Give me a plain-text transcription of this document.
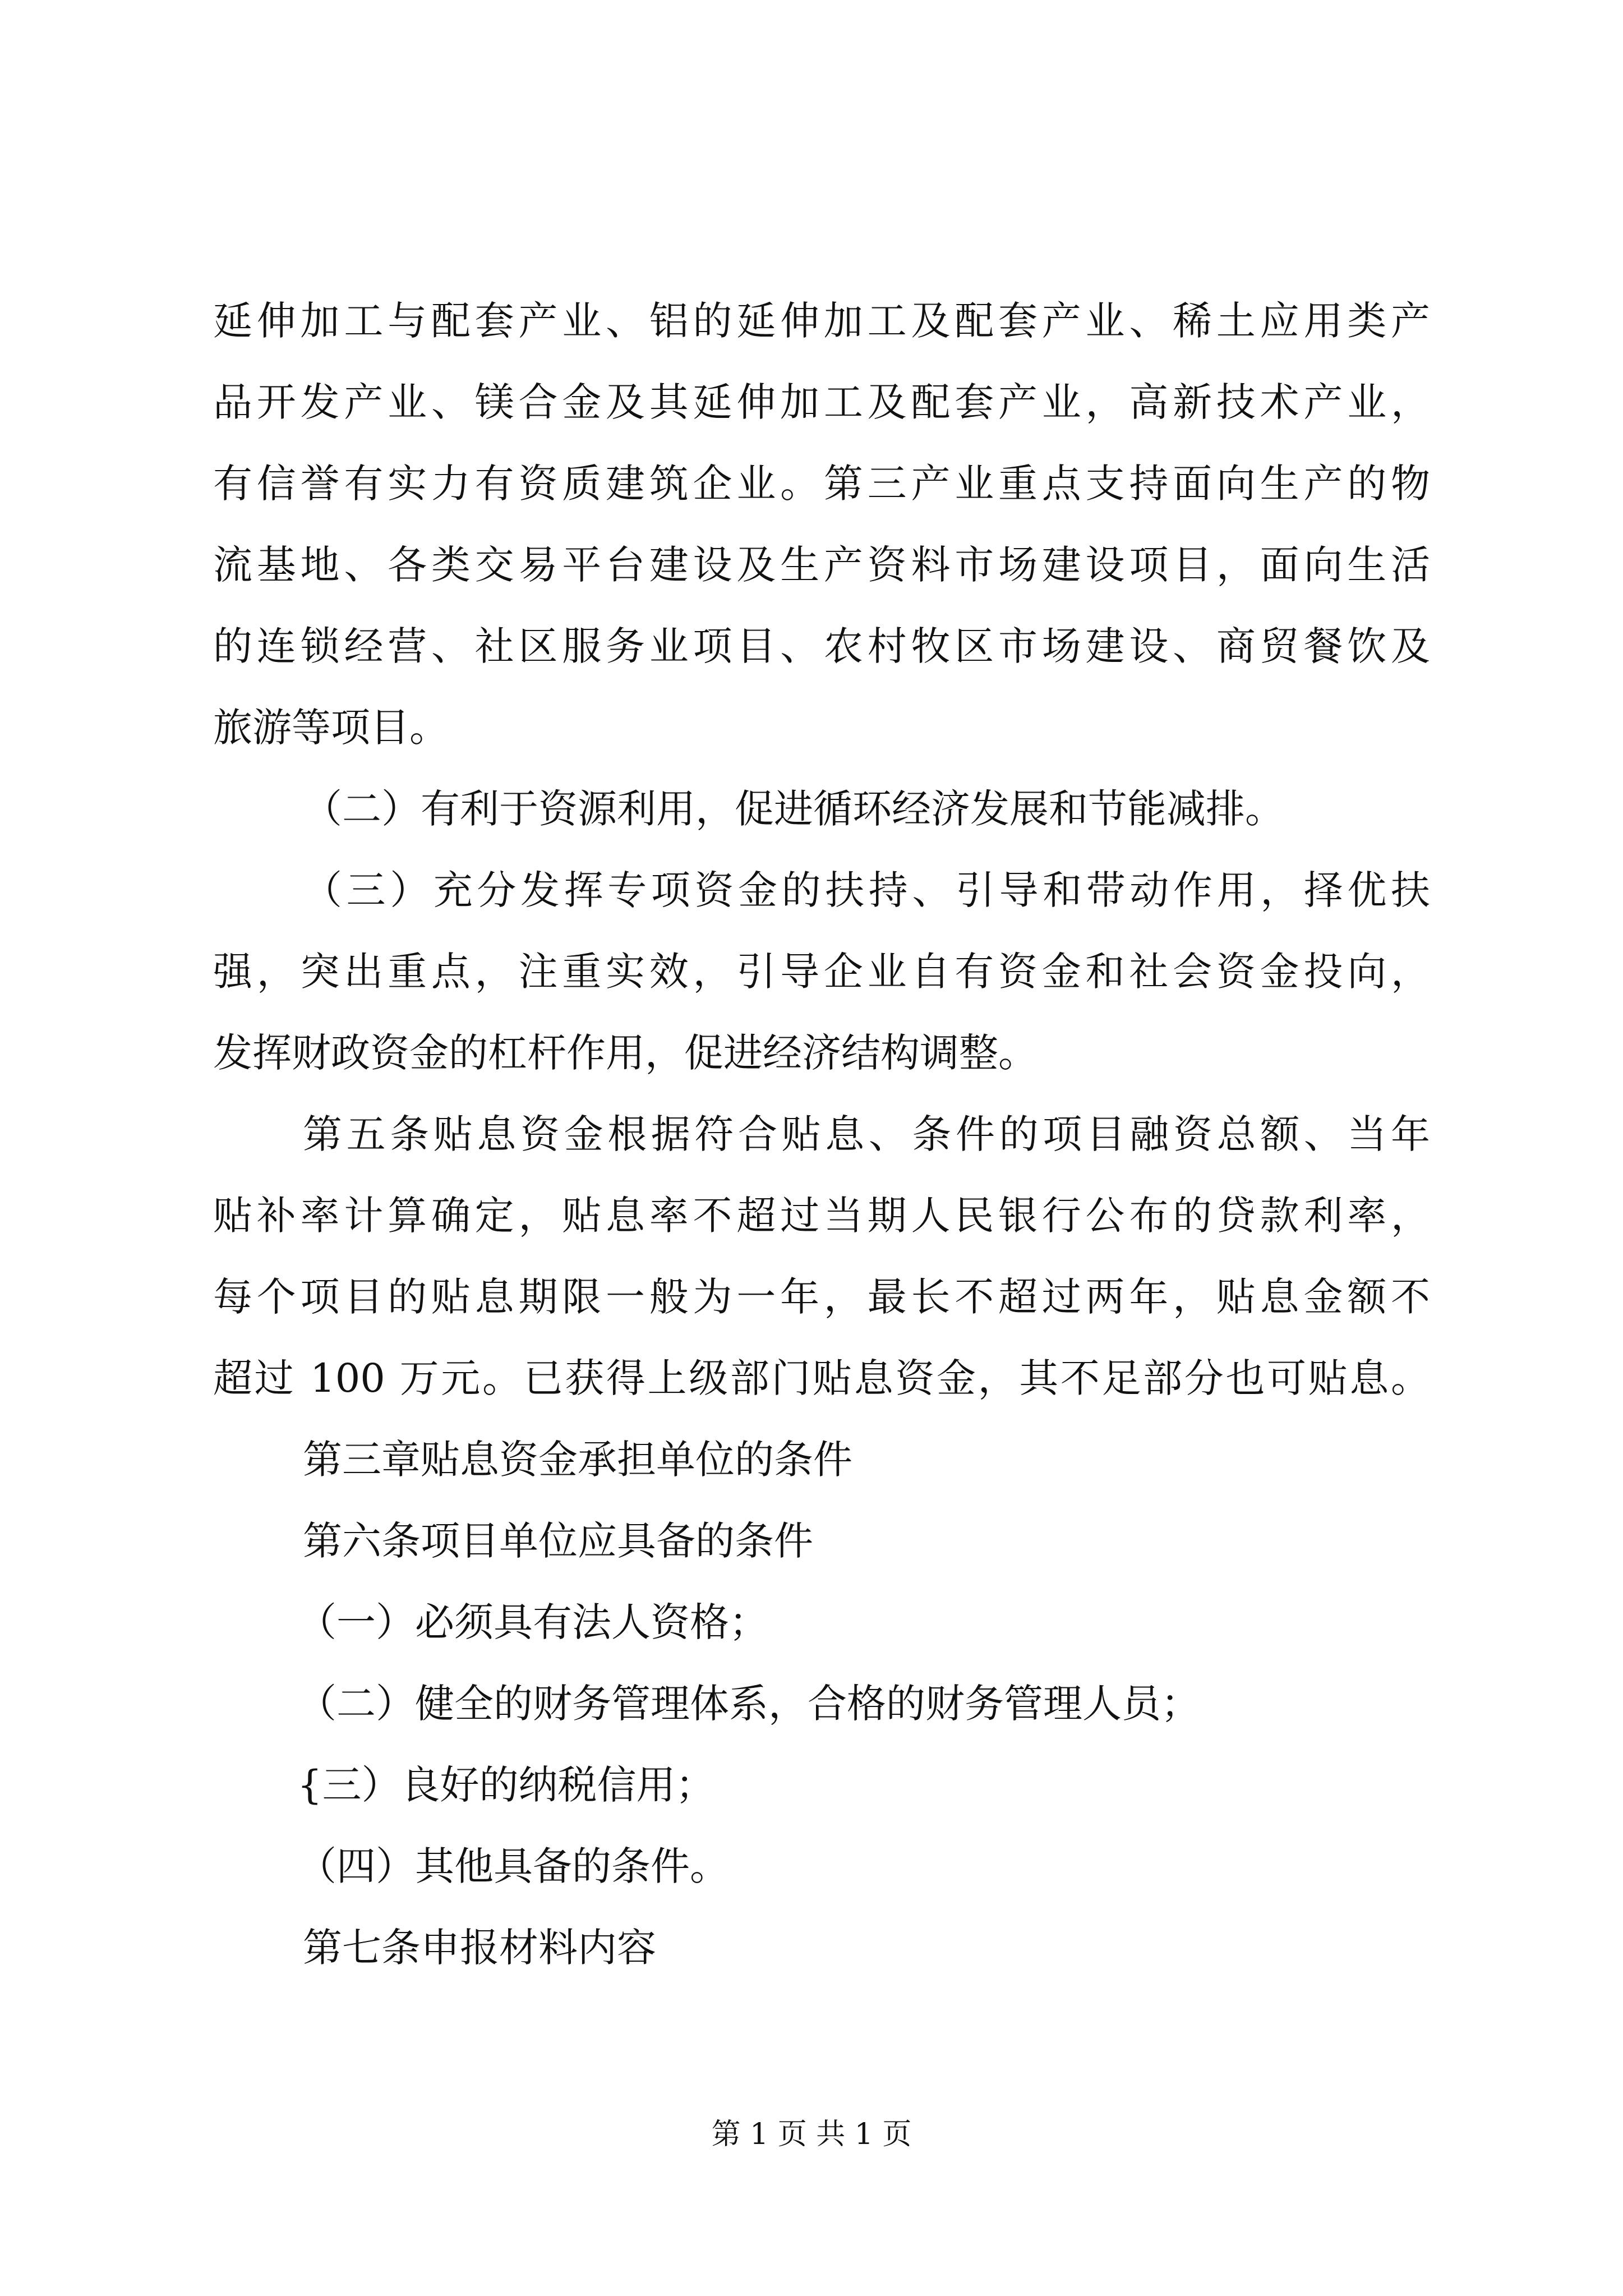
延伸加工与配套产业、铝的延伸加工及配套产业、稀土应用类产
品开发产业、镁合金及其延伸加工及配套产业，高新技术产业，
有信誉有实力有资质建筑企业。第三产业重点支持面向生产的物
流基地、各类交易平台建设及生产资料市场建设项目，面向生活
的连锁经营、社区服务业项目、农村牧区市场建设、商贸餐饮及
旅游等项目。
（二）有利于资源利用，促进循环经济发展和节能减排。
（三）充分发挥专项资金的扶持、引导和带动作用，择优扶
强，突出重点，注重实效，引导企业自有资金和社会资金投向，
发挥财政资金的杠杆作用，促进经济结构调整。
第五条贴息资金根据符合贴息、条件的项目融资总额、当年
贴补率计算确定，贴息率不超过当期人民银行公布的贷款利率，
每个项目的贴息期限一般为一年，最长不超过两年，贴息金额不
超过 100 万元。已获得上级部门贴息资金，其不足部分也可贴息。
第三章贴息资金承担单位的条件
第六条项目单位应具备的条件
（一）必须具有法人资格；
（二）健全的财务管理体系，合格的财务管理人员；
{三）良好的纳税信用；
（四）其他具备的条件。
第七条申报材料内容
第 1 页 共 1 页
